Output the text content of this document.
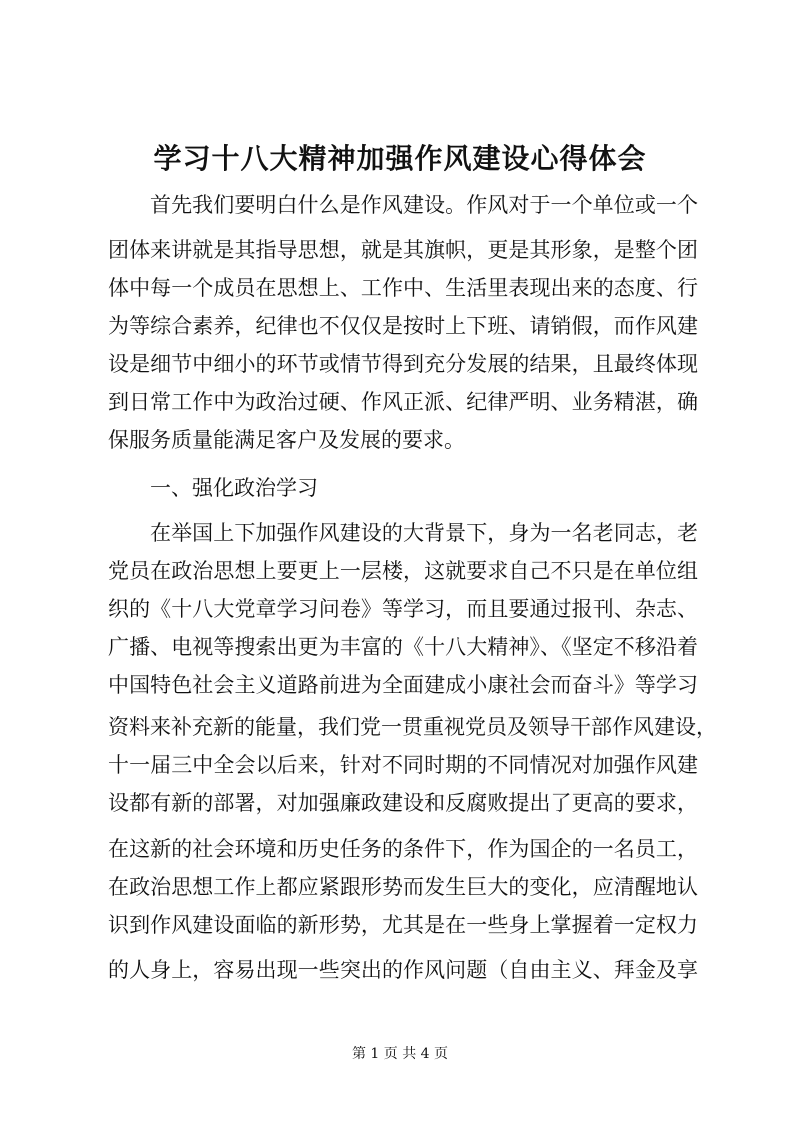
学习十八大精神加强作风建设心得体会
首先我们要明白什么是作风建设。作风对于一个单位或一个
团体来讲就是其指导思想，就是其旗帜，更是其形象，是整个团
体中每一个成员在思想上、工作中、生活里表现出来的态度、行
为等综合素养，纪律也不仅仅是按时上下班、请销假，而作风建
设是细节中细小的环节或情节得到充分发展的结果，且最终体现
到日常工作中为政治过硬、作风正派、纪律严明、业务精湛，确
保服务质量能满足客户及发展的要求。
一、强化政治学习
在举国上下加强作风建设的大背景下，身为一名老同志，老
党员在政治思想上要更上一层楼，这就要求自己不只是在单位组
织的《十八大党章学习问卷》等学习，而且要通过报刊、杂志、
广播、电视等搜索出更为丰富的《十八大精神》、《坚定不移沿着
中国特色社会主义道路前进为全面建成小康社会而奋斗》等学习
资料来补充新的能量，我们党一贯重视党员及领导干部作风建设，
十一届三中全会以后来，针对不同时期的不同情况对加强作风建
设都有新的部署，对加强廉政建设和反腐败提出了更高的要求，
在这新的社会环境和历史任务的条件下，作为国企的一名员工，
在政治思想工作上都应紧跟形势而发生巨大的变化，应清醒地认
识到作风建设面临的新形势，尤其是在一些身上掌握着一定权力
的人身上，容易出现一些突出的作风问题（自由主义、拜金及享
第 1 页 共 4 页
